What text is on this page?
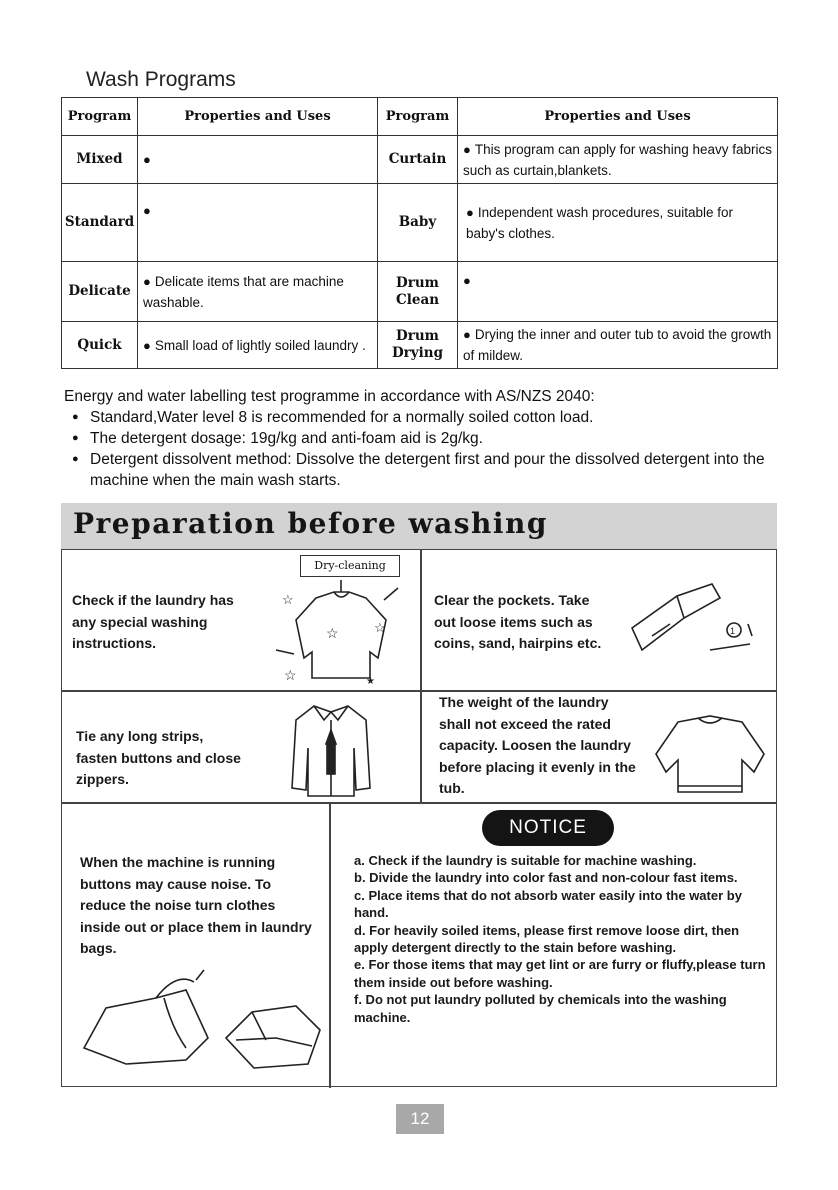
Wash Programs
Program	Properties and Uses	Program	Properties and Uses
Mixed	●	Curtain	● This program can apply for washing heavy fabrics such as curtain,blankets.
Standard	●	Baby	● Independent wash procedures, suitable for baby's clothes.
Delicate	● Delicate items that are machine washable.	Drum Clean	●
Quick	● Small load of lightly soiled laundry .	Drum Drying	● Drying the inner and outer tub to avoid the growth of mildew.
Energy and water labelling test programme in accordance with AS/NZS 2040:
● Standard,Water level 8 is recommended for a normally soiled cotton load.
● The detergent dosage: 19g/kg and anti-foam aid is 2g/kg.
● Detergent dissolvent method: Dissolve the detergent first and pour the dissolved detergent into the machine when the main wash starts.
Preparation before washing
Check if the laundry has any special washing instructions.
Dry-cleaning
☆
☆
☆
☆	★
Clear the pockets. Take out loose items such as coins, sand, hairpins etc.
1
Tie any long strips, fasten buttons and close zippers.
The weight of the laundry shall not exceed the rated capacity. Loosen the laundry before placing it evenly in the tub.
When the machine is running buttons may cause noise. To reduce the noise turn clothes inside out or place them in laundry bags.
NOTICE
a. Check if the laundry is suitable for machine washing.
b. Divide the laundry into color fast and non-colour fast items.
c. Place items that do not absorb water easily into the water by hand.
d. For heavily soiled items, please first remove loose dirt, then apply detergent directly to the stain before washing.
e. For those items that may get lint or are furry or fluffy,please turn them inside out before washing.
f. Do not put laundry polluted by chemicals into the washing machine.
12
